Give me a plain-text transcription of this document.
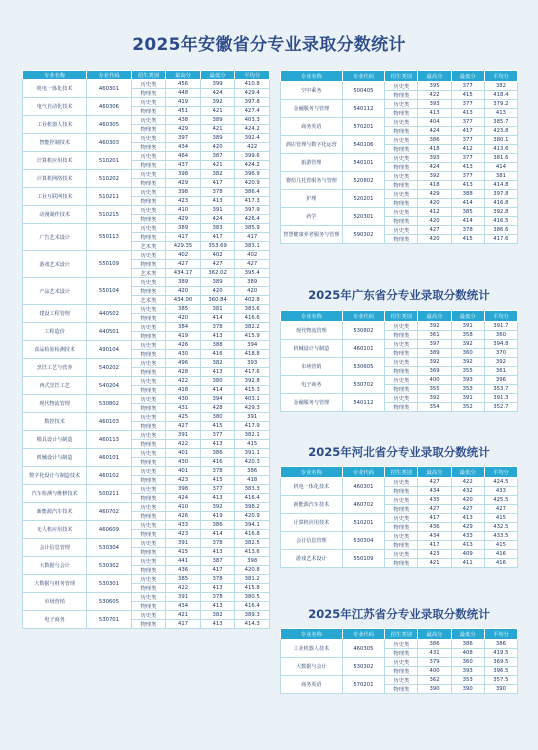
2025年安徽省分专业录取分数统计
专业名称	专业代码	招生类别	最高分	最低分	平均分
机电一体化技术	460301	历史类	456	399	410.8
		物理类	448	424	429.4
电气自动化技术	460306	历史类	419	392	397.8
		物理类	451	421	427.4
工业机器人技术	460305	历史类	438	389	403.3
		物理类	429	421	424.2
智能控制技术	460303	历史类	397	389	392.4
		物理类	434	420	422
计算机应用技术	510201	历史类	464	387	399.6
		物理类	437	421	424.2
计算机网络技术	510202	历史类	398	382	396.9
		物理类	429	417	420.9
工业互联网技术	510211	历史类	398	378	386.4
		物理类	423	413	417.3
动漫制作技术	510215	历史类	410	391	397.9
		物理类	429	424	426.4
广告艺术设计	550113	历史类	389	383	385.9
		物理类	417	417	417
		艺术类	429.35	353.69	383.1
游戏艺术设计	550109	历史类	402	402	402
		物理类	427	427	427
		艺术类	434.17	362.02	395.4
产品艺术设计	550104	历史类	389	389	389
		物理类	420	420	420
		艺术类	434.00	360.84	402.8
建设工程管理	440502	历史类	385	381	383.6
		物理类	420	414	416.6
工程造价	440501	历史类	384	378	382.2
		物理类	419	413	415.9
食品检验检测技术	490104	历史类	426	388	394
		物理类	430	416	418.8
烹饪工艺与营养	540202	历史类	496	382	393
		物理类	428	413	417.6
西式烹饪工艺	540204	历史类	422	380	392.8
		物理类	418	414	415.3
现代物流管理	530802	历史类	430	394	403.1
		物理类	431	428	429.3
数控技术	460103	历史类	425	380	391
		物理类	427	415	417.9
模具设计与制造	460113	历史类	391	377	382.1
		物理类	422	413	415
机械设计与制造	460101	历史类	401	386	391.1
		物理类	430	416	420.3
数字化设计与制造技术	460102	历史类	401	378	386
		物理类	423	415	418
汽车检测与维修技术	500211	历史类	398	377	383.3
		物理类	424	413	416.4
新能源汽车技术	460702	历史类	410	392	398.2
		物理类	426	419	420.9
无人机应用技术	460609	历史类	433	386	394.1
		物理类	423	414	416.8
会计信息管理	530304	历史类	391	378	382.5
		物理类	415	413	413.6
大数据与会计	530302	历史类	441	387	398
		物理类	436	417	420.8
大数据与财务管理	530301	历史类	385	378	381.2
		物理类	422	413	415.8
市场营销	530605	历史类	391	378	380.5
		物理类	434	413	416.4
电子商务	530701	历史类	421	382	389.3
		物理类	417	413	414.3
专业名称	专业代码	招生类别	最高分	最低分	平均分
空中乘务	500405	历史类	395	377	382
		物理类	422	415	418.4
金融服务与管理	540112	历史类	393	377	379.2
		物理类	413	413	413
商务英语	570201	历史类	404	377	385.7
		物理类	424	417	423.8
酒店管理与数字化运营	540106	历史类	386	377	380.1
		物理类	418	412	413.6
旅游管理	540101	历史类	393	377	381.6
		物理类	424	413	414
婴幼儿托育服务与管理	520802	历史类	392	377	381
		物理类	418	413	414.8
护理	520201	历史类	429	388	397.8
		物理类	420	414	416.8
药学	520301	历史类	412	385	392.8
		物理类	420	414	416.5
智慧健康养老服务与管理	590302	历史类	427	378	386.6
		物理类	420	415	417.6
2025年广东省分专业录取分数统计
专业名称	专业代码	招生类别	最高分	最低分	平均分
现代物流管理	530802	历史类	392	391	391.7
		物理类	361	358	360
机械设计与制造	460101	历史类	397	392	394.8
		物理类	389	360	370
市场营销	530605	历史类	392	392	392
		物理类	369	355	361
电子商务	530702	历史类	400	393	396
		物理类	355	353	353.7
金融服务与管理	540112	历史类	392	391	391.3
		物理类	354	352	352.7
2025年河北省分专业录取分数统计
专业名称	专业代码	招生类别	最高分	最低分	平均分
机电一体化技术	460301	历史类	427	422	424.5
		物理类	434	432	433
新能源汽车技术	460702	历史类	435	420	425.5
		物理类	427	427	427
计算机应用技术	510201	历史类	417	413	415
		物理类	436	429	432.5
会计信息管理	530304	历史类	434	433	433.5
		物理类	417	413	415
游戏艺术设计	550109	历史类	423	409	416
		物理类	421	411	416
2025年江苏省分专业录取分数统计
专业名称	专业代码	招生类别	最高分	最低分	平均分
工业机器人技术	460305	历史类	386	386	386
		物理类	431	408	419.5
大数据与会计	530302	历史类	379	360	369.5
		物理类	400	393	396.5
商务英语	570201	历史类	362	353	357.5
		物理类	390	390	390
